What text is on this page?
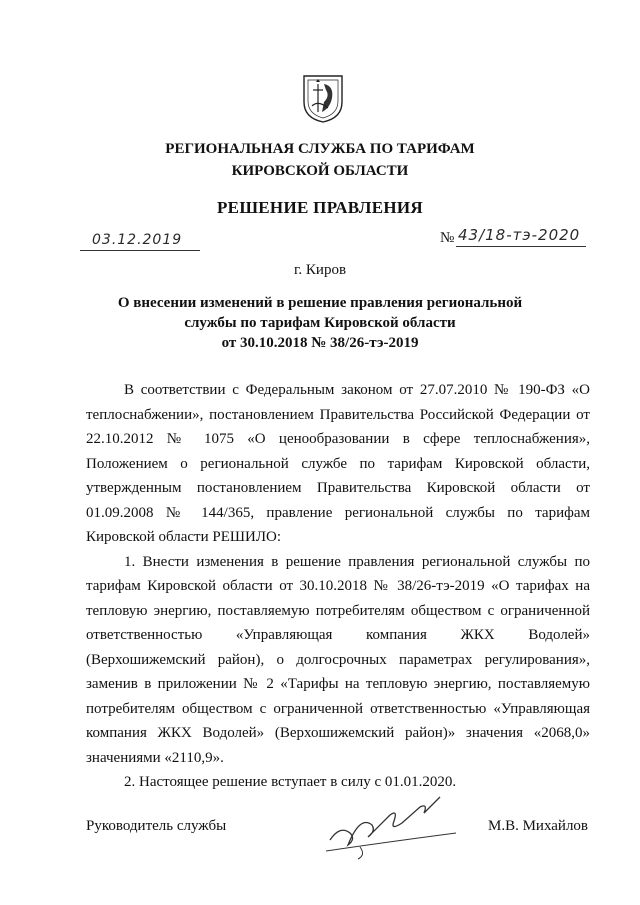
РЕГИОНАЛЬНАЯ СЛУЖБА ПО ТАРИФАМ
КИРОВСКОЙ ОБЛАСТИ
РЕШЕНИЕ ПРАВЛЕНИЯ
03.12.2019	№ 43/18-тэ-2020
г. Киров
О внесении изменений в решение правления региональной
службы по тарифам Кировской области
от 30.10.2018 № 38/26-тэ-2019

В соответствии с Федеральным законом от 27.07.2010 № 190-ФЗ «О теплоснабжении», постановлением Правительства Российской Федерации от 22.10.2012 № 1075 «О ценообразовании в сфере теплоснабжения», Положением о региональной службе по тарифам Кировской области, утвержденным постановлением Правительства Кировской области от 01.09.2008 № 144/365, правление региональной службы по тарифам Кировской области РЕШИЛО:

1. Внести изменения в решение правления региональной службы по тарифам Кировской области от 30.10.2018 № 38/26-тэ-2019 «О тарифах на тепловую энергию, поставляемую потребителям обществом с ограниченной ответственностью «Управляющая компания ЖКХ Водолей» (Верхошижемский район), о долгосрочных параметрах регулирования», заменив в приложении № 2 «Тарифы на тепловую энергию, поставляемую потребителям обществом с ограниченной ответственностью «Управляющая компания ЖКХ Водолей» (Верхошижемский район)» значения «2068,0» значениями «2110,9».

2. Настоящее решение вступает в силу с 01.01.2020.

Руководитель службы	М.В. Михайлов
